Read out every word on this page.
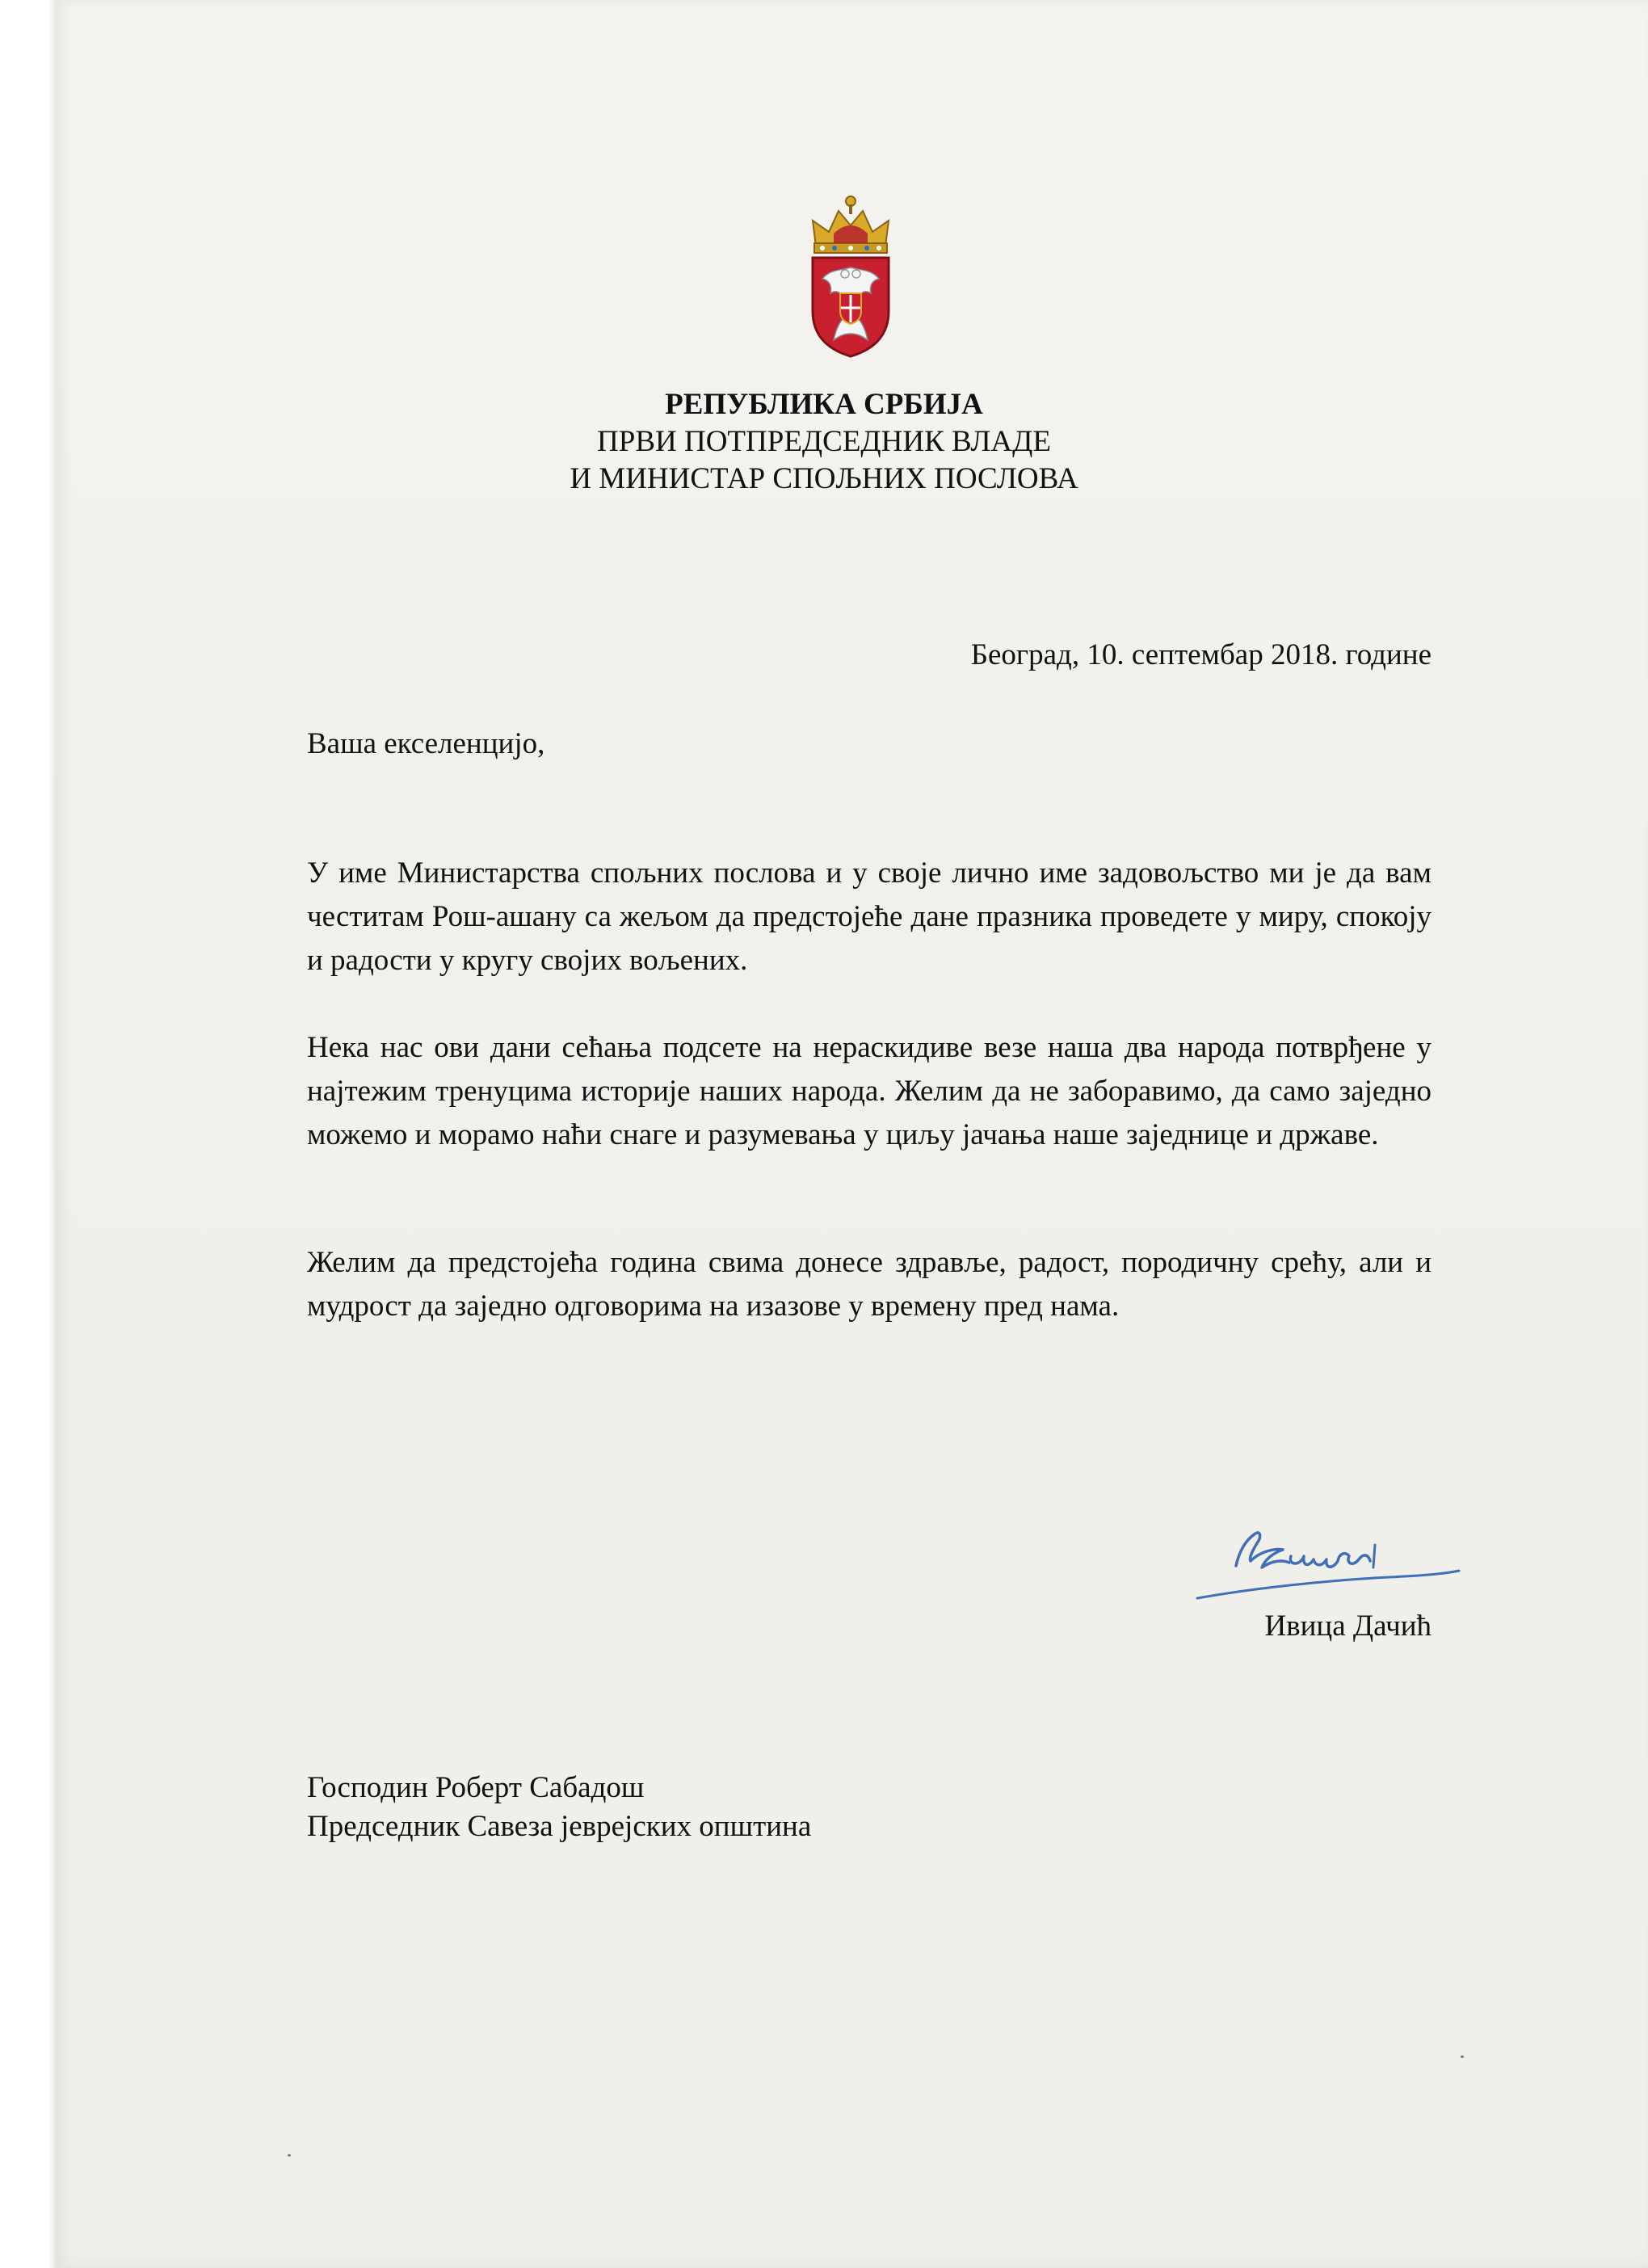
РЕПУБЛИКА СРБИЈА
ПРВИ ПОТПРЕДСЕДНИК ВЛАДЕ
И МИНИСТАР СПОЉНИХ ПОСЛОВА
Београд, 10. септембар 2018. године
Ваша екселенцијо,
У име Министарства спољних послова и у своје лично име задовољство ми је да вам честитам Рош-ашану са жељом да предстојеће дане празника проведете у миру, спокоју и радости у кругу својих вољених.
Нека нас ови дани сећања подсете на нераскидиве везе наша два народа потврђене у најтежим тренуцима историје наших народа. Желим да не заборавимо, да само заједно можемо и морамо наћи снаге и разумевања у циљу јачања наше заједнице и државе.
Желим да предстојећа година свима донесе здравље, радост, породичну срећу, али и мудрост да заједно одговорима на изазове у времену пред нама.
Ивица Дачић
Господин Роберт Сабадош
Председник Савеза јеврејских општина
